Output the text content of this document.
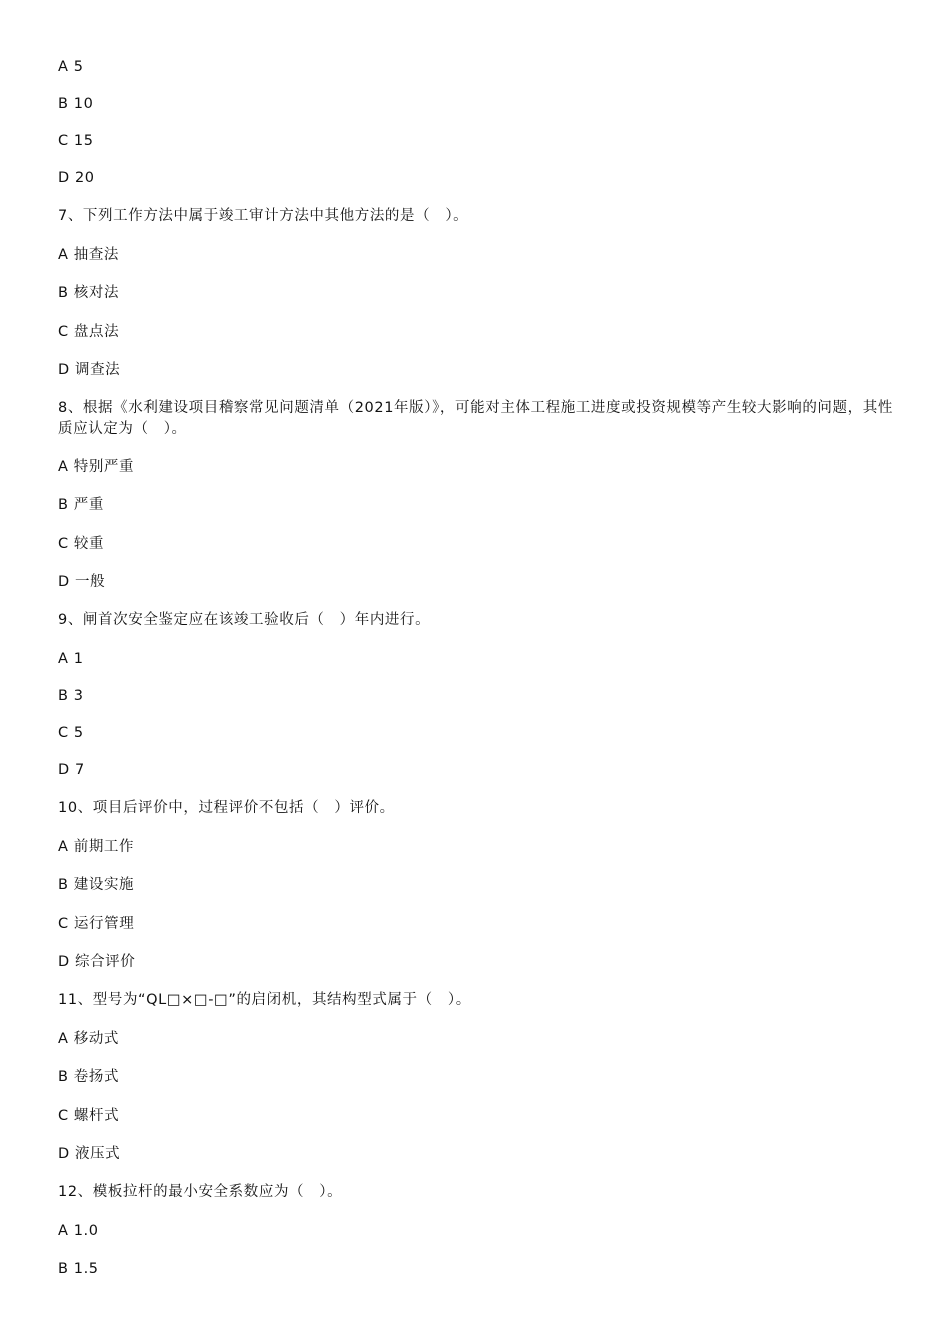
A 5
B 10
C 15
D 20
7、下列工作方法中属于竣工审计方法中其他方法的是（　）。
A 抽查法
B 核对法
C 盘点法
D 调查法
8、根据《水利建设项目稽察常见问题清单（2021年版）》，可能对主体工程施工进度或投资规模等产生较大影响的问题，其性质应认定为（　）。
A 特别严重
B 严重
C 较重
D 一般
9、闸首次安全鉴定应在该竣工验收后（　）年内进行。
A 1
B 3
C 5
D 7
10、项目后评价中，过程评价不包括（　）评价。
A 前期工作
B 建设实施
C 运行管理
D 综合评价
11、型号为“QL□×□-□”的启闭机，其结构型式属于（　）。
A 移动式
B 卷扬式
C 螺杆式
D 液压式
12、模板拉杆的最小安全系数应为（　）。
A 1.0
B 1.5
